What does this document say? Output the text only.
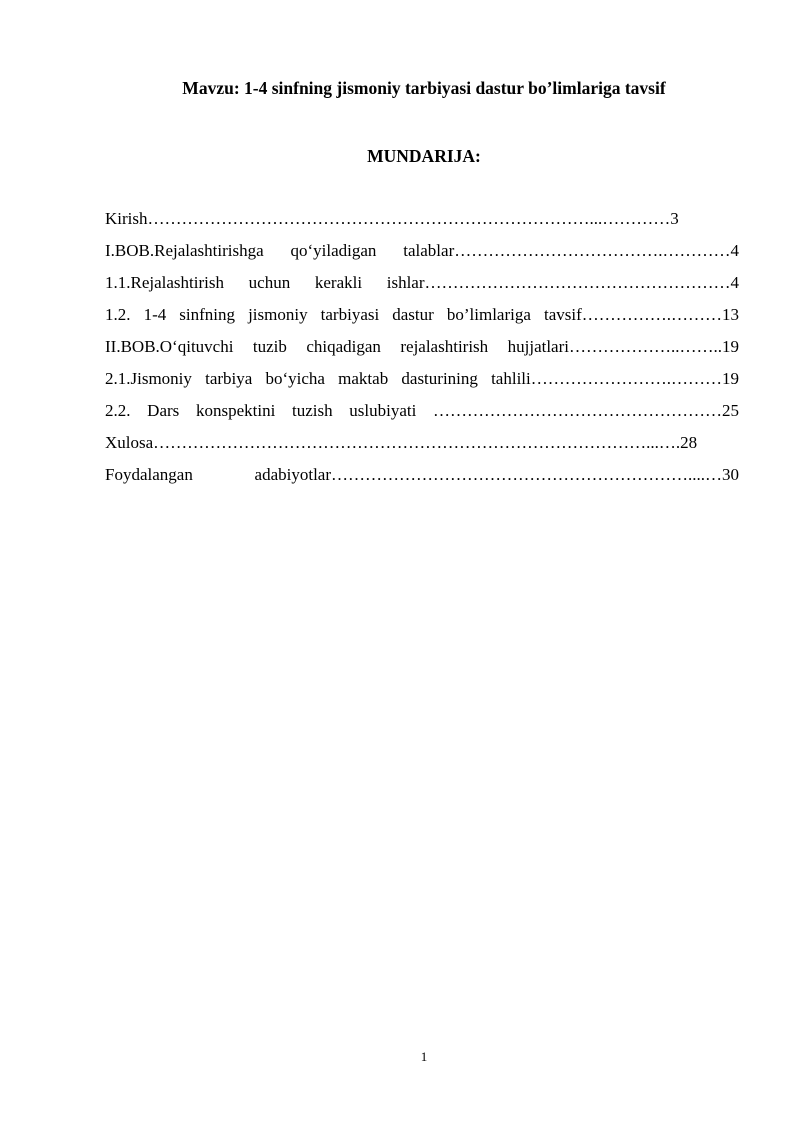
Mavzu: 1-4 sinfning jismoniy tarbiyasi dastur bo’limlariga tavsif
MUNDARIJA:
Kirish……………………………………………………………………...…………3
I.BOB.Rejalashtirishga qo‘yiladigan talablar……………………………….…………4
1.1.Rejalashtirish uchun kerakli ishlar………………………………………………4
1.2. 1-4 sinfning jismoniy tarbiyasi dastur bo’limlariga tavsif…………….………13
II.BOB.O‘qituvchi tuzib chiqadigan rejalashtirish hujjatlari………………..……..19
2.1.Jismoniy tarbiya bo‘yicha maktab dasturining tahlili…………………….………19
2.2. Dars konspektini tuzish uslubiyati ……………………………………………25
Xulosa……………………………………………………………………………...….28
Foydalangan adabiyotlar………………………………………………………....…30
1
